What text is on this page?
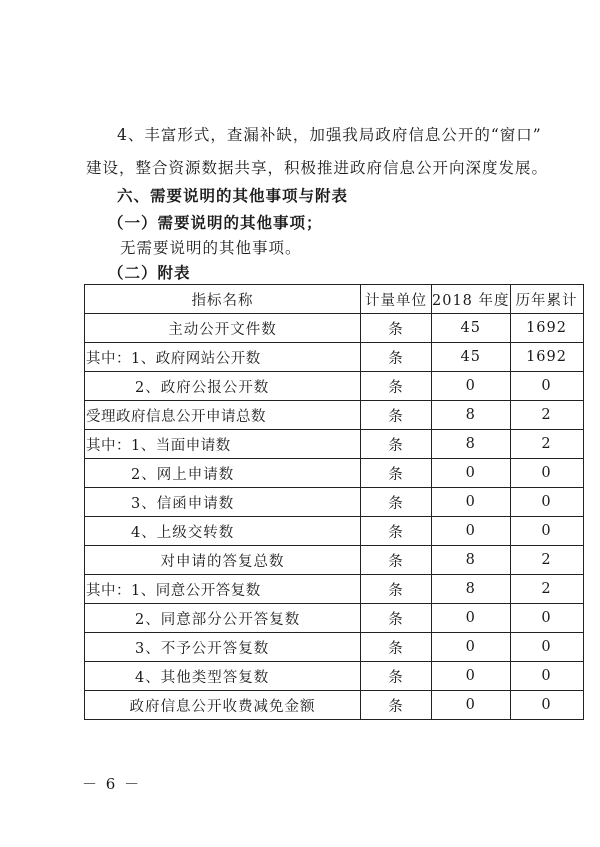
4、丰富形式，查漏补缺，加强我局政府信息公开的“窗口”
建设，整合资源数据共享，积极推进政府信息公开向深度发展。
六、需要说明的其他事项与附表
（一）需要说明的其他事项；
无需要说明的其他事项。
（二）附表
指标名称	计量单位	2018 年度	历年累计
主动公开文件数	条	45	1692
其中：1、政府网站公开数	条	45	1692
2、政府公报公开数	条	0	0
受理政府信息公开申请总数	条	8	2
其中：1、当面申请数	条	8	2
2、网上申请数	条	0	0
3、信函申请数	条	0	0
4、上级交转数	条	0	0
对申请的答复总数	条	8	2
其中：1、同意公开答复数	条	8	2
2、同意部分公开答复数	条	0	0
3、不予公开答复数	条	0	0
4、其他类型答复数	条	0	0
政府信息公开收费减免金额	条	0	0
－ 6 －
